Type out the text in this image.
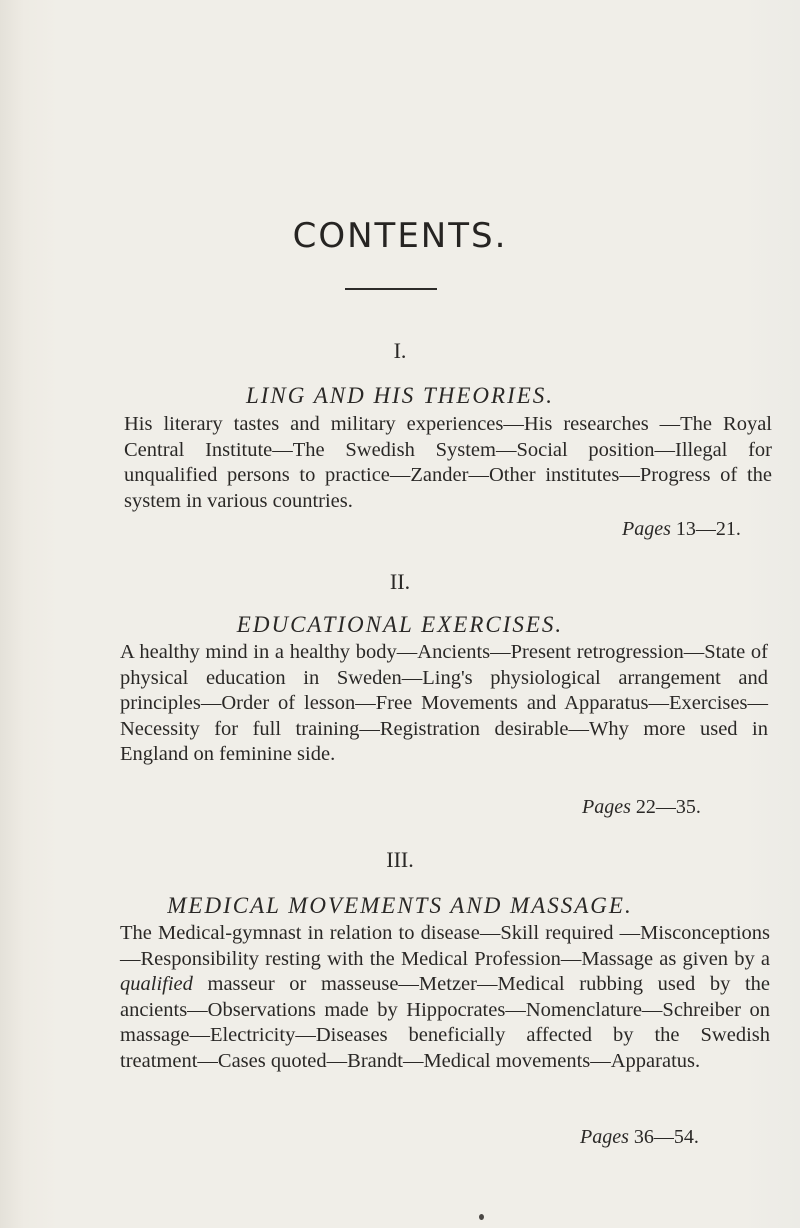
CONTENTS.
I.
LING AND HIS THEORIES.
His literary tastes and military experiences—His researches —The Royal Central Institute—The Swedish System—Social position—Illegal for unqualified persons to practice—Zander—Other institutes—Progress of the system in various countries.
Pages 13—21.
II.
EDUCATIONAL EXERCISES.
A healthy mind in a healthy body—Ancients—Present retrogression—State of physical education in Sweden—Ling's physiological arrangement and principles—Order of lesson—Free Movements and Apparatus—Exercises—Necessity for full training—Registration desirable—Why more used in England on feminine side.
Pages 22—35.
III.
MEDICAL MOVEMENTS AND MASSAGE.
The Medical-gymnast in relation to disease—Skill required —Misconceptions—Responsibility resting with the Medical Profession—Massage as given by a qualified masseur or masseuse—Metzer—Medical rubbing used by the ancients—Observations made by Hippocrates—Nomenclature—Schreiber on massage—Electricity—Diseases beneficially affected by the Swedish treatment—Cases quoted—Brandt—Medical movements—Apparatus.
Pages 36—54.
